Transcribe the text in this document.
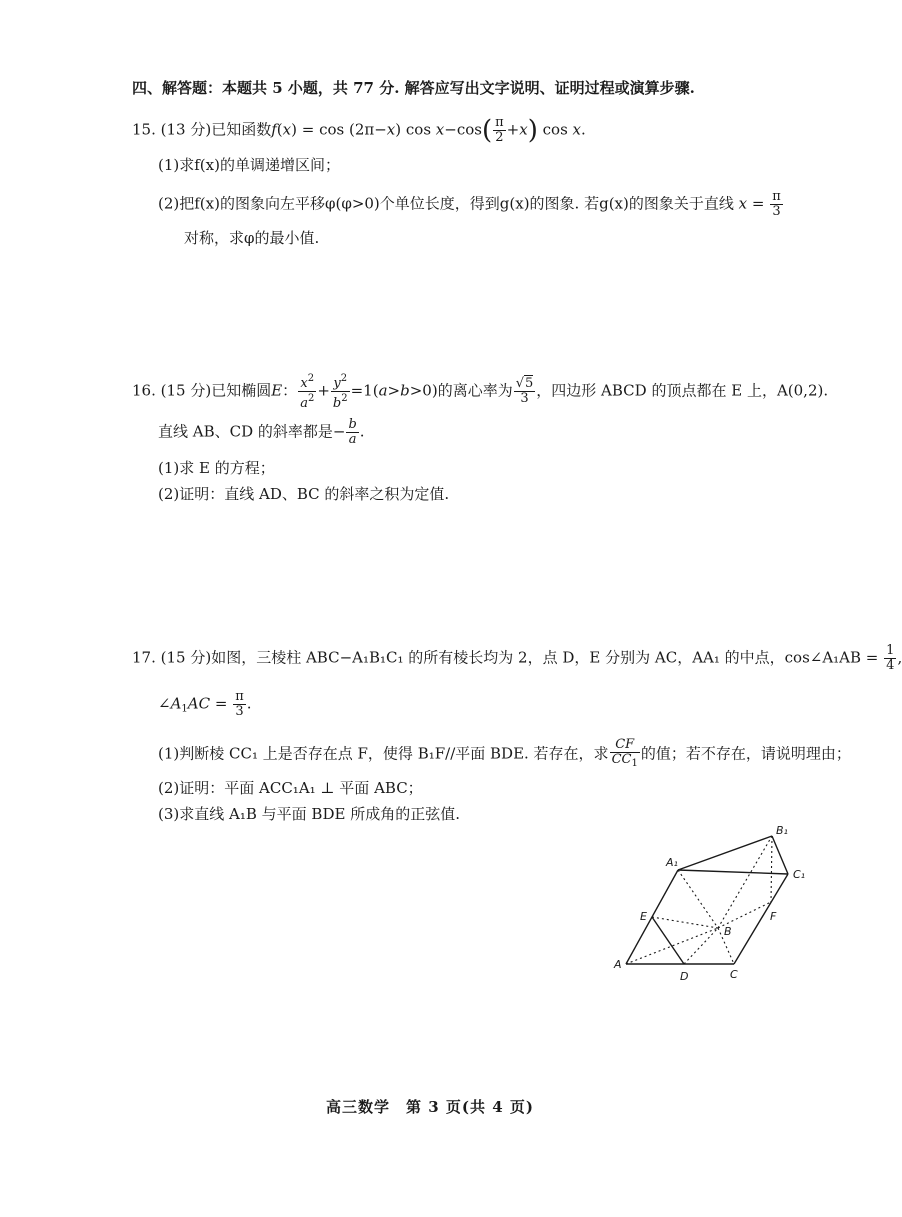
四、解答题：本题共 5 小题，共 77 分. 解答应写出文字说明、证明过程或演算步骤.
15. (13 分)已知函数f(x) = cos (2π−x) $\cos x-\cos( \frac{\pi}{2} +x)$ cos x.
(1)求f(x)的单调递增区间；
(2)把f(x)的图象向左平移φ(φ>0)个单位长度，得到g(x)的图象. 若g(x)的图象关于直线 $x = \frac{\pi}{3}$
对称，求φ的最小值.
16. (15 分)已知椭圆E： $\frac{x^2}{a^2} + \frac{y^2}{b^2} =1(a>b>0)$的离心率为 $\frac{√5}{3}$ ，四边形 ABCD 的顶点都在 E 上，A(0,2).
直线 AB、CD 的斜率都是− $\frac{b}{a}$ .
(1)求 E 的方程；
(2)证明：直线 AD、BC 的斜率之积为定值.
17. (15 分)如图，三棱柱 ABC−A₁B₁C₁ 的所有棱长均为 2，点 D，E 分别为 AC，AA₁ 的中点，cos∠A₁AB = $\frac{1}{4}$ ,
$\angle A_1AC = \frac{\pi}{3}$ .
(1)判断棱 CC₁ 上是否存在点 F，使得 B₁F//平面 BDE. 若存在，求 $\frac{CF}{CC_1}$ 的值；若不存在，请说明理由；
(2)证明：平面 ACC₁A₁ ⊥ 平面 ABC；
(3)求直线 A₁B 与平面 BDE 所成角的正弦值.
A
B
C
D
E	F
A₁
B₁
C₁
高三数学　第 3 页(共 4 页)
